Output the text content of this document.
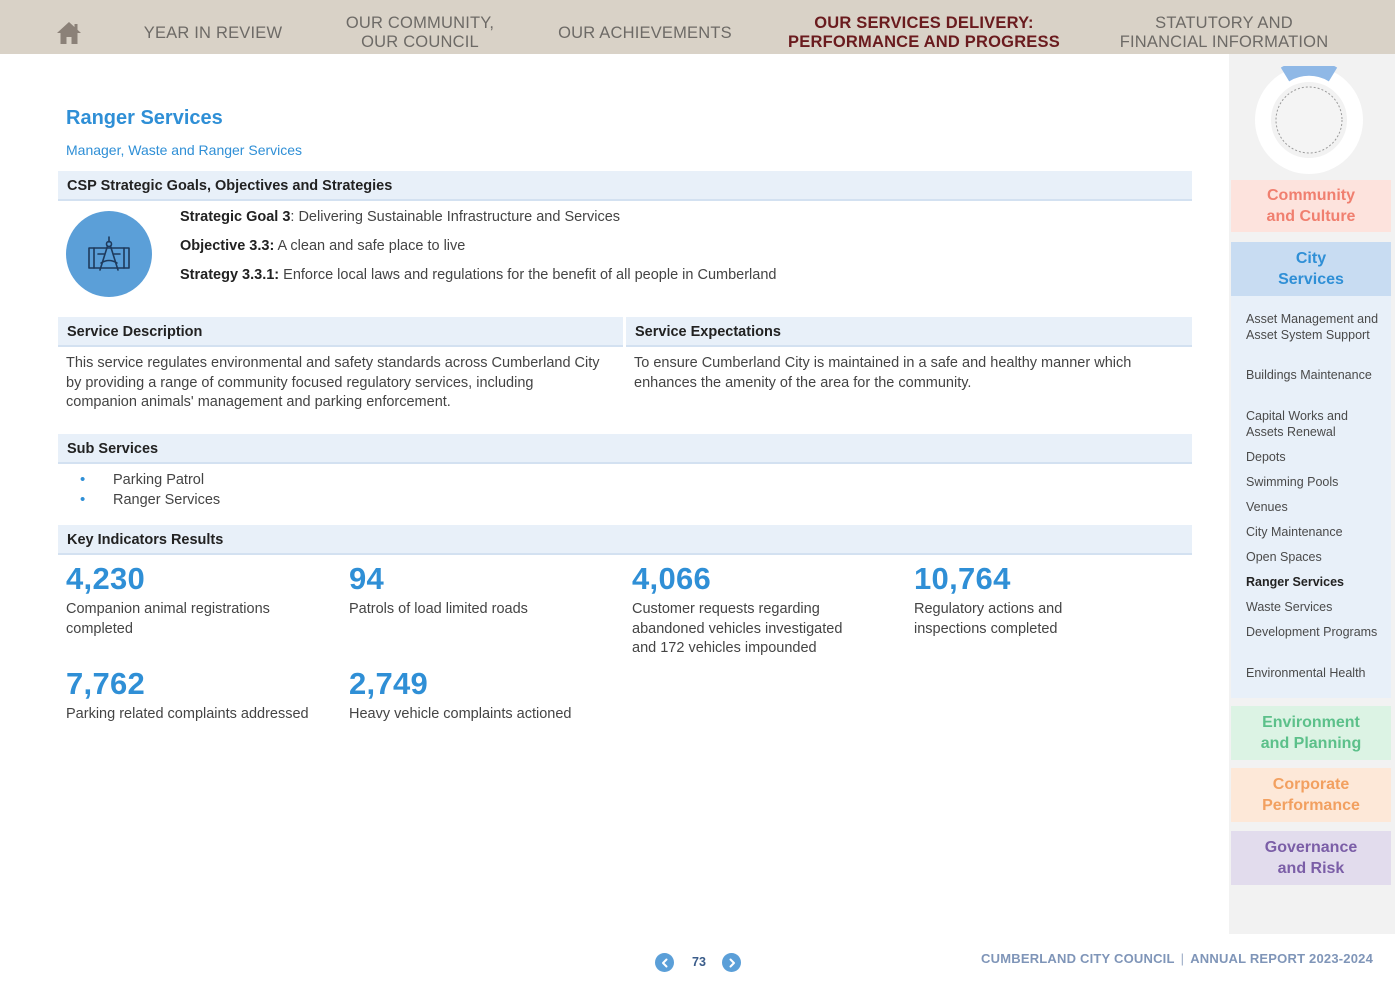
YEAR IN REVIEW
OUR COMMUNITY,
OUR COUNCIL	OUR ACHIEVEMENTS
OUR SERVICES DELIVERY:
PERFORMANCE AND PROGRESS
STATUTORY AND
FINANCIAL INFORMATION
Ranger Services
Manager, Waste and Ranger Services
CSP Strategic Goals, Objectives and Strategies
Strategic Goal 3: Delivering Sustainable Infrastructure and Services
Objective 3.3: A clean and safe place to live
Strategy 3.3.1: Enforce local laws and regulations for the benefit of all people in Cumberland
Service Description	Service Expectations
This service regulates environmental and safety standards across Cumberland City by providing a range of community focused regulatory services, including companion animals' management and parking enforcement.
To ensure Cumberland City is maintained in a safe and healthy manner which enhances the amenity of the area for the community.
Sub Services
• Parking Patrol
• Ranger Services
Key Indicators Results
4,230
Companion animal registrations completed
94
Patrols of load limited roads
4,066
Customer requests regarding abandoned vehicles investigated and 172 vehicles impounded
10,764
Regulatory actions and inspections completed
7,762
Parking related complaints addressed
2,749
Heavy vehicle complaints actioned
Community
and Culture
City
Services
Asset Management and Asset System Support
Buildings Maintenance
Capital Works and Assets Renewal
Depots
Swimming Pools
Venues
City Maintenance
Open Spaces
Ranger Services
Waste Services
Development Programs
Environmental Health
Environment
and Planning
Corporate
Performance
Governance
and Risk
73	CUMBERLAND CITY COUNCIL | ANNUAL REPORT 2023-2024
